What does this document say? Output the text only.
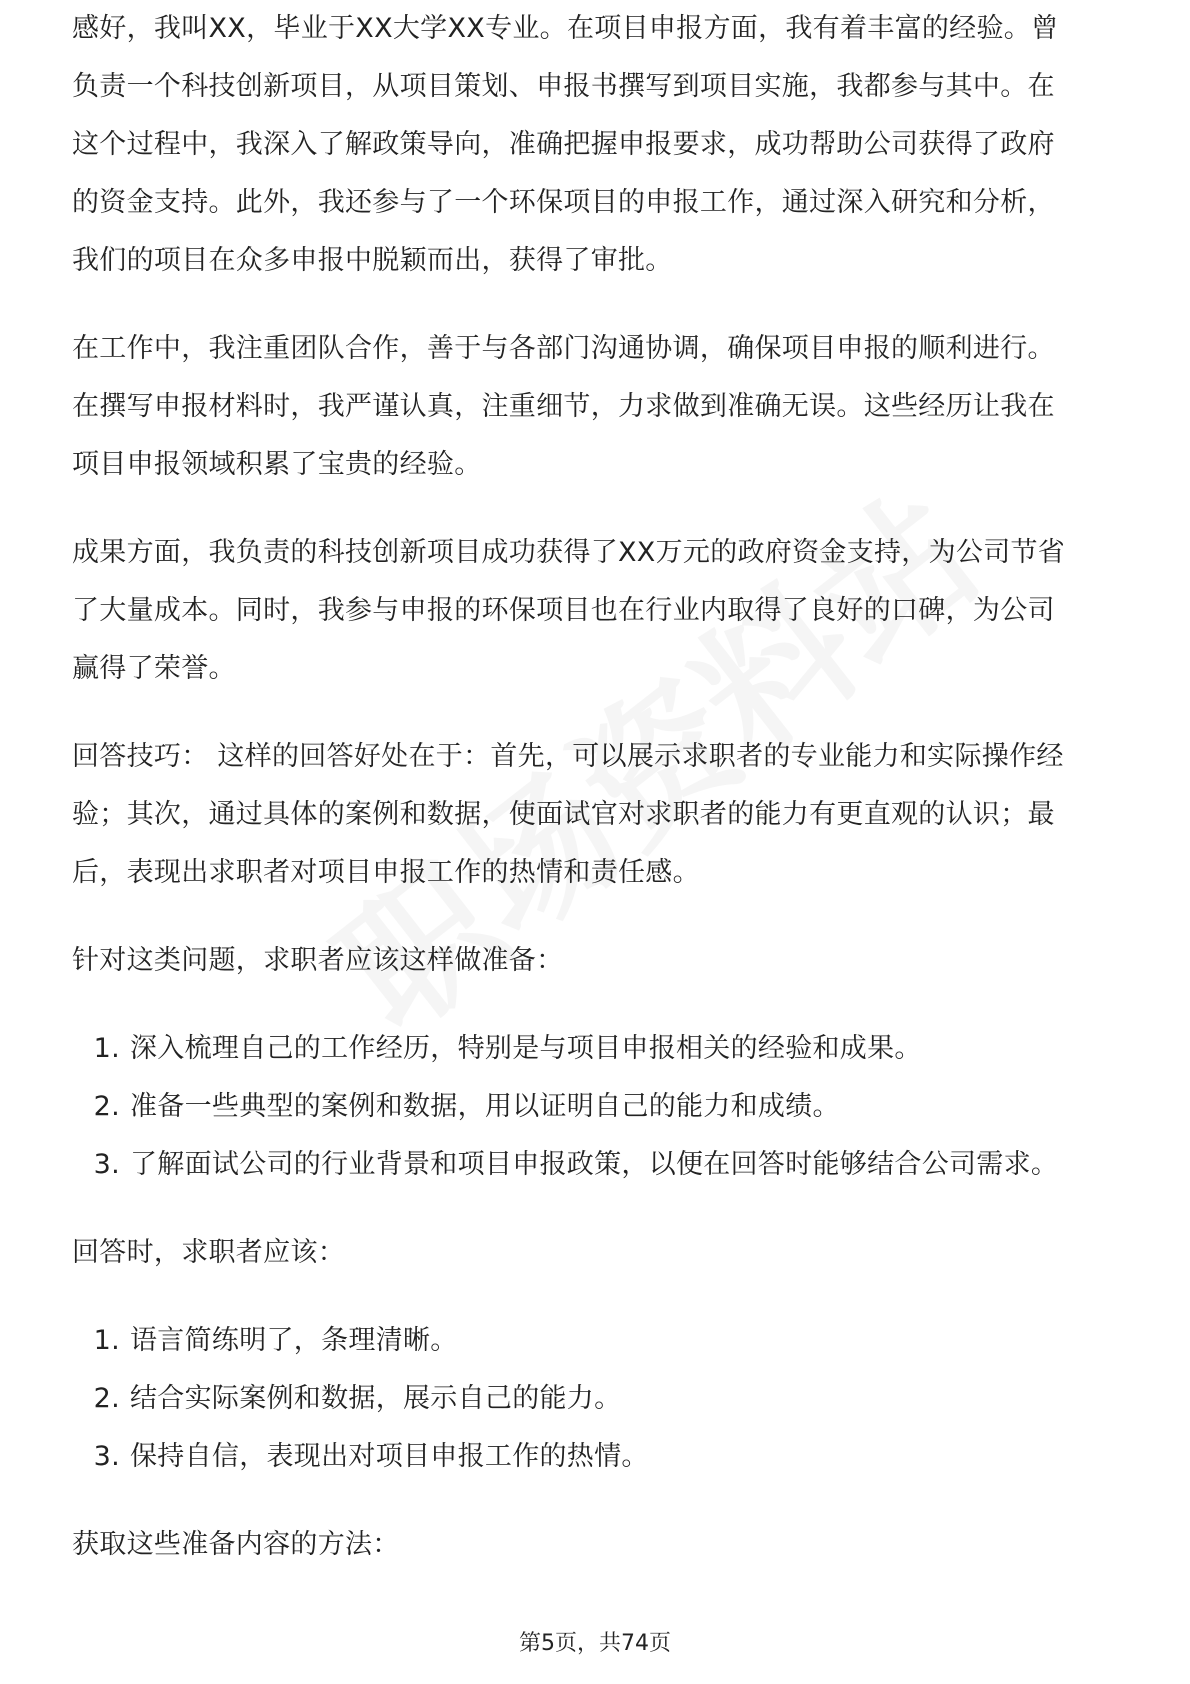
感好，我叫XX，毕业于XX大学XX专业。在项目申报方面，我有着丰富的经验。曾
负责一个科技创新项目，从项目策划、申报书撰写到项目实施，我都参与其中。在
这个过程中，我深入了解政策导向，准确把握申报要求，成功帮助公司获得了政府
的资金支持。此外，我还参与了一个环保项目的申报工作，通过深入研究和分析，
我们的项目在众多申报中脱颖而出，获得了审批。
在工作中，我注重团队合作，善于与各部门沟通协调，确保项目申报的顺利进行。
在撰写申报材料时，我严谨认真，注重细节，力求做到准确无误。这些经历让我在
项目申报领域积累了宝贵的经验。
成果方面，我负责的科技创新项目成功获得了XX万元的政府资金支持，为公司节省
了大量成本。同时，我参与申报的环保项目也在行业内取得了良好的口碑，为公司
赢得了荣誉。
回答技巧： 这样的回答好处在于：首先，可以展示求职者的专业能力和实际操作经
验；其次，通过具体的案例和数据，使面试官对求职者的能力有更直观的认识；最
后，表现出求职者对项目申报工作的热情和责任感。
针对这类问题，求职者应该这样做准备：
1. 深入梳理自己的工作经历，特别是与项目申报相关的经验和成果。
2. 准备一些典型的案例和数据，用以证明自己的能力和成绩。
3. 了解面试公司的行业背景和项目申报政策，以便在回答时能够结合公司需求。
回答时，求职者应该：
1. 语言简练明了，条理清晰。
2. 结合实际案例和数据，展示自己的能力。
3. 保持自信，表现出对项目申报工作的热情。
获取这些准备内容的方法：
第5页，共74页
